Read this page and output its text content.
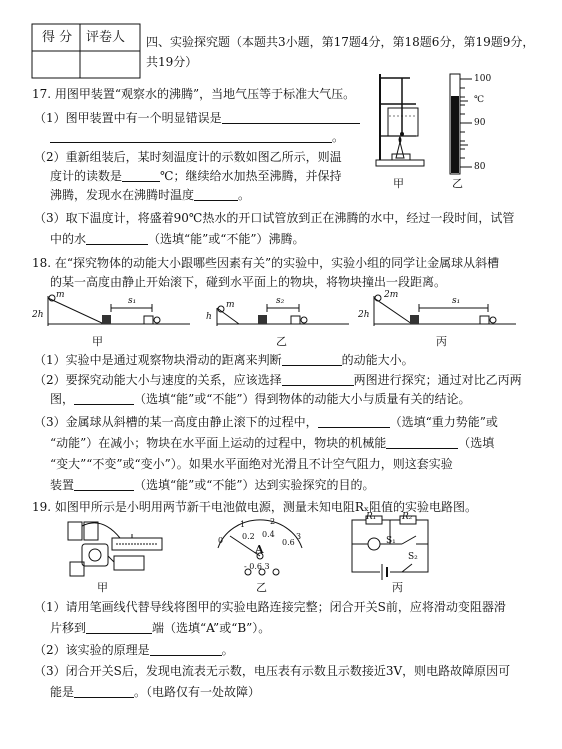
得 分 评卷人 四、实验探究题（本题共3小题，第17题4分，第18题6分，第19题9分，
共19分）
17. 用图甲装置“观察水的沸腾”，当地气压等于标准大气压。
（1）图甲装置中有一个明显错误是
。
（2）重新组装后，某时刻温度计的示数如图乙所示，则温
度计的读数是	℃；继续给水加热至沸腾，并保持
沸腾，发现水在沸腾时温度	。
（3）取下温度计，将盛着90℃热水的开口试管放到正在沸腾的水中，经过一段时间，试管
中的水	（选填“能”或“不能”）沸腾。
甲
100
℃
90
80
乙
18. 在“探究物体的动能大小跟哪些因素有关”的实验中，实验小组的同学让金属球从斜槽
的某一高度由静止开始滚下，碰到水平面上的物块，将物块撞出一段距离。
m
2h
s₁
甲
m
h
s₂
乙
2m
2h
s₁
丙
（1）实验中是通过观察物块滑动的距离来判断	的动能大小。
（2）要探究动能大小与速度的关系，应该选择	两图进行探究；通过对比乙丙两
图，	（选填“能”或“不能”）得到物体的动能大小与质量有关的结论。
（3）金属球从斜槽的某一高度由静止滚下的过程中，	（选填“重力势能”或
“动能”）在减小；物块在水平面上运动的过程中，物块的机械能	（选填
“变大”“不变”或“变小”）。如果水平面绝对光滑且不计空气阻力，则这套实验
装置	（选填“能”或“不能”）达到实验探究的目的。
19. 如图甲所示是小明用两节新干电池做电源，测量未知电阻Rₓ阻值的实验电路图。
甲
0
1	2
3
0.2 0.4
0.6
A
- 0.6 3
乙
R₁	R₂
S₁
S₂
丙
（1）请用笔画线代替导线将图甲的实验电路连接完整；闭合开关S前，应将滑动变阻器滑
片移到	端（选填“A”或“B”）。
（2）该实验的原理是	。
（3）闭合开关S后，发现电流表无示数，电压表有示数且示数接近3V，则电路故障原因可
能是	。（电路仅有一处故障）
